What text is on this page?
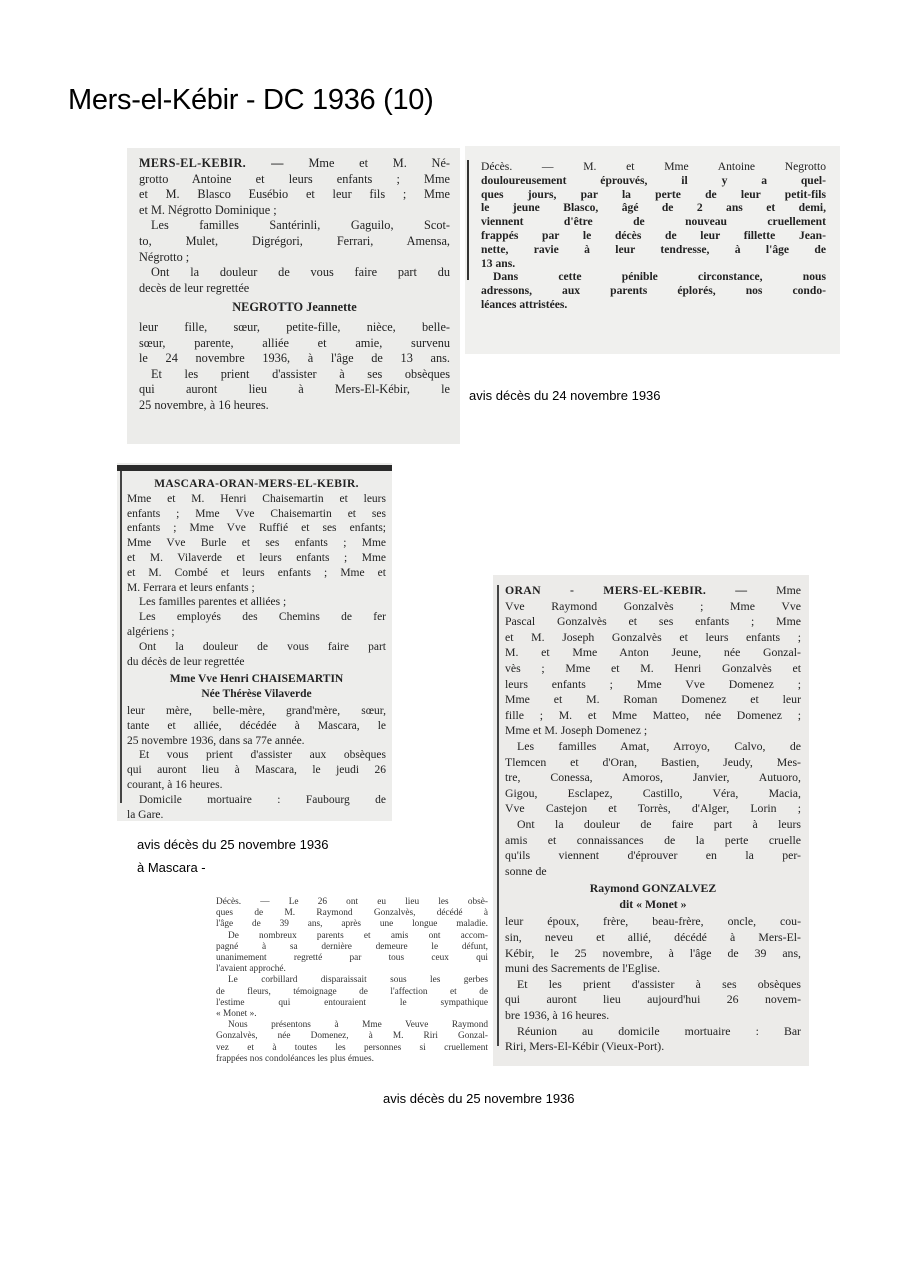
Mers-el-Kébir - DC 1936 (10)
MERS-EL-KEBIR. — Mme et M. Né-
grotto Antoine et leurs enfants ; Mme
et M. Blasco Eusébio et leur fils ; Mme
et M. Négrotto Dominique ;
Les familles Santérinli, Gaguilo, Scot-
to, Mulet, Digrégori, Ferrari, Amensa,
Négrotto ;
Ont la douleur de vous faire part du
decès de leur regrettée
NEGROTTO Jeannette
leur fille, sœur, petite-fille, nièce, belle-
sœur, parente, alliée et amie, survenu
le 24 novembre 1936, à l'âge de 13 ans.
Et les prient d'assister à ses obsèques
qui auront lieu à Mers-El-Kébir, le
25 novembre, à 16 heures.
Décès. — M. et Mme Antoine Negrotto
douloureusement éprouvés, il y a quel-
ques jours, par la perte de leur petit-fils
le jeune Blasco, âgé de 2 ans et demi,
viennent d'être de nouveau cruellement
frappés par le décès de leur fillette Jean-
nette, ravie à leur tendresse, à l'âge de
13 ans.
Dans cette pénible circonstance, nous
adressons, aux parents éplorés, nos condo-
léances attristées.
avis décès du 24 novembre 1936
MASCARA-ORAN-MERS-EL-KEBIR.
Mme et M. Henri Chaisemartin et leurs
enfants ; Mme Vve Chaisemartin et ses
enfants ; Mme Vve Ruffié et ses enfants;
Mme Vve Burle et ses enfants ; Mme
et M. Vilaverde et leurs enfants ; Mme
et M. Combé et leurs enfants ; Mme et
M. Ferrara et leurs enfants ;
Les familles parentes et alliées ;
Les employés des Chemins de fer
algériens ;
Ont la douleur de vous faire part
du décès de leur regrettée
Mme Vve Henri CHAISEMARTIN
Née Thérèse Vilaverde
leur mère, belle-mère, grand'mère, sœur,
tante et alliée, décédée à Mascara, le
25 novembre 1936, dans sa 77e année.
Et vous prient d'assister aux obsèques
qui auront lieu à Mascara, le jeudi 26
courant, à 16 heures.
Domicile mortuaire : Faubourg de
la Gare.
avis décès du 25 novembre 1936
à Mascara -
ORAN - MERS-EL-KEBIR. — Mme
Vve Raymond Gonzalvès ; Mme Vve
Pascal Gonzalvès et ses enfants ; Mme
et M. Joseph Gonzalvès et leurs enfants ;
M. et Mme Anton Jeune, née Gonzal-
vès ; Mme et M. Henri Gonzalvès et
leurs enfants ; Mme Vve Domenez ;
Mme et M. Roman Domenez et leur
fille ; M. et Mme Matteo, née Domenez ;
Mme et M. Joseph Domenez ;
Les familles Amat, Arroyo, Calvo, de
Tlemcen et d'Oran, Bastien, Jeudy, Mes-
tre, Conessa, Amoros, Janvier, Autuoro,
Gigou, Esclapez, Castillo, Véra, Macia,
Vve Castejon et Torrès, d'Alger, Lorin ;
Ont la douleur de faire part à leurs
amis et connaissances de la perte cruelle
qu'ils viennent d'éprouver en la per-
sonne de
Raymond GONZALVEZ
dit « Monet »
leur époux, frère, beau-frère, oncle, cou-
sin, neveu et allié, décédé à Mers-El-
Kébir, le 25 novembre, à l'âge de 39 ans,
muni des Sacrements de l'Eglise.
Et les prient d'assister à ses obsèques
qui auront lieu aujourd'hui 26 novem-
bre 1936, à 16 heures.
Réunion au domicile mortuaire : Bar
Riri, Mers-El-Kébir (Vieux-Port).
Décès. — Le 26 ont eu lieu les obsè-
ques de M. Raymond Gonzalvès, décédé à
l'âge de 39 ans, après une longue maladie.
De nombreux parents et amis ont accom-
pagné à sa dernière demeure le défunt,
unanimement regretté par tous ceux qui
l'avaient approché.
Le corbillard disparaissait sous les gerbes
de fleurs, témoignage de l'affection et de
l'estime qui entouraient le sympathique
« Monet ».
Nous présentons à Mme Veuve Raymond
Gonzalvès, née Domenez, à M. Riri Gonzal-
vez et à toutes les personnes si cruellement
frappées nos condoléances les plus émues.
avis décès du 25 novembre 1936
